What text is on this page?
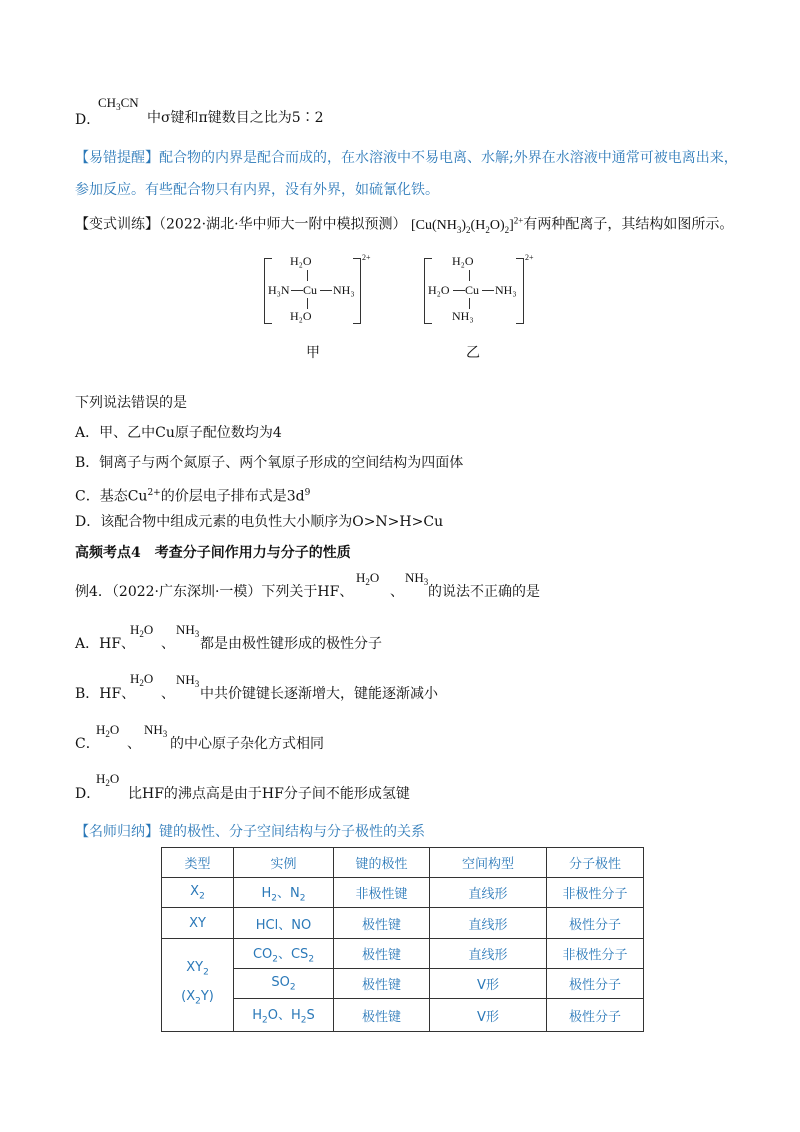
D．
$CH_3CN$
中σ键和π键数目之比为5∶2
【易错提醒】配合物的内界是配合而成的，在水溶液中不易电离、水解;外界在水溶液中通常可被电离出来，
参加反应。有些配合物只有内界，没有外界，如硫氰化铁。
【变式训练】（2022·湖北·华中师大一附中模拟预测） $[Cu(NH_3)_2(H_2O)_2]^{2+}$有两种配离子，其结构如图所示。
2+
H₂O
H₃N Cu NH₃
H₂O
甲
2+
H₂O
H₂O Cu NH₃
NH₃
乙
下列说法错误的是
A．甲、乙中Cu原子配位数均为4
B．铜离子与两个氮原子、两个氧原子形成的空间结构为四面体
C．基态$Cu^{2+}$的价层电子排布式是$3d^9$
D．该配合物中组成元素的电负性大小顺序为O>N>H>Cu
高频考点4　考查分子间作用力与分子的性质
例4．（2022·广东深圳·一模）下列关于HF、
$H_2O$
、
$NH_3$
的说法不正确的是
A．HF、
$H_2O$
、
$NH_3$
都是由极性键形成的极性分子
B．HF、
$H_2O$
、
$NH_3$
中共价键键长逐渐增大，键能逐渐减小
C．
$H_2O$
、
$NH_3$
的中心原子杂化方式相同
D．
$H_2O$
比HF的沸点高是由于HF分子间不能形成氢键
【名师归纳】键的极性、分子空间结构与分子极性的关系
类型	实例	键的极性	空间构型	分子极性
$X_2$	$H_2$、$N_2$	非极性键	直线形	非极性分子
XY	HCl、NO	极性键	直线形	极性分子
$XY_2$
$(X_2Y)$	$CO_2$、$CS_2$	极性键	直线形	非极性分子
	$SO_2$	极性键	V形	极性分子
	$H_2O$、$H_2S$	极性键	V形	极性分子
